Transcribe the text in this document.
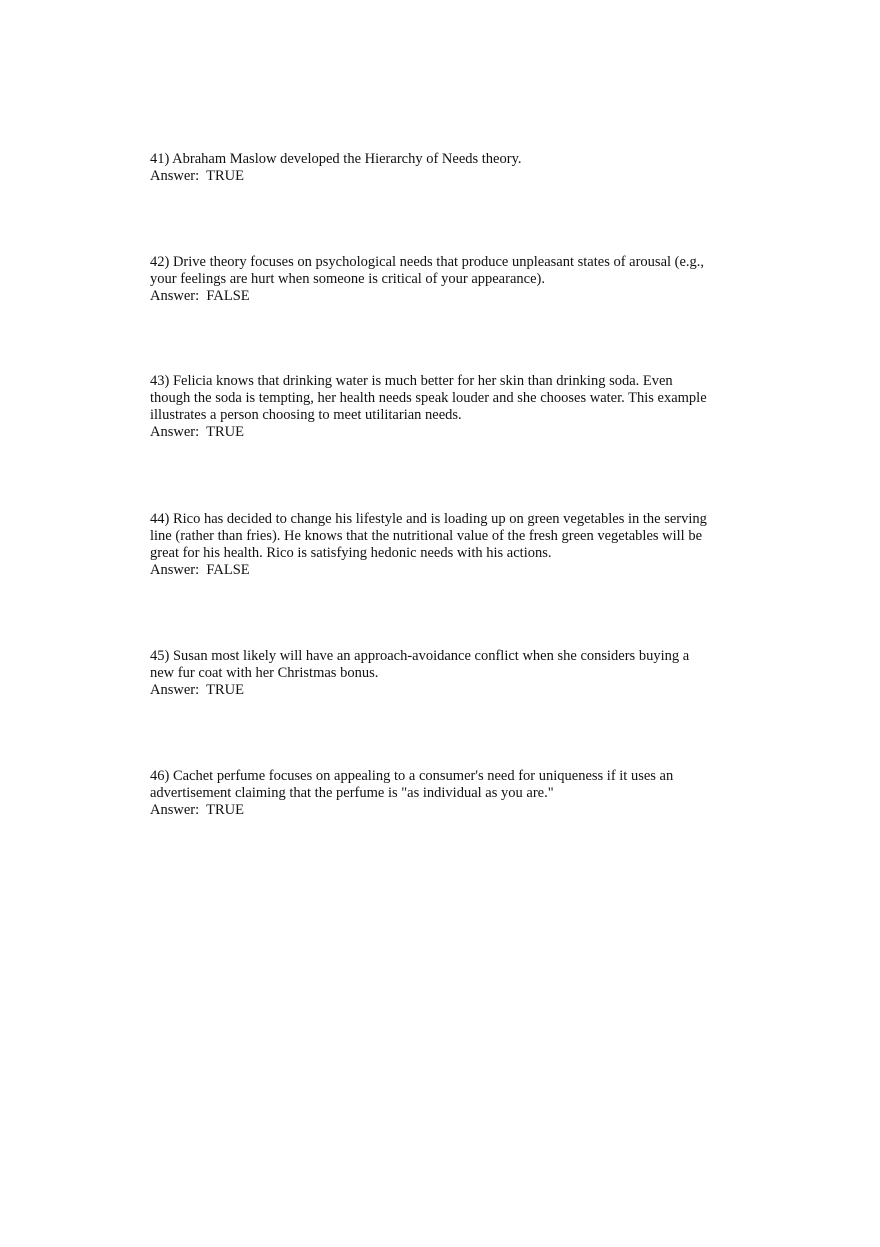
41) Abraham Maslow developed the Hierarchy of Needs theory.
Answer:  TRUE
42) Drive theory focuses on psychological needs that produce unpleasant states of arousal (e.g.,
your feelings are hurt when someone is critical of your appearance).
Answer:  FALSE
43) Felicia knows that drinking water is much better for her skin than drinking soda. Even
though the soda is tempting, her health needs speak louder and she chooses water. This example
illustrates a person choosing to meet utilitarian needs.
Answer:  TRUE
44) Rico has decided to change his lifestyle and is loading up on green vegetables in the serving
line (rather than fries). He knows that the nutritional value of the fresh green vegetables will be
great for his health. Rico is satisfying hedonic needs with his actions.
Answer:  FALSE
45) Susan most likely will have an approach-avoidance conflict when she considers buying a
new fur coat with her Christmas bonus.
Answer:  TRUE
46) Cachet perfume focuses on appealing to a consumer's need for uniqueness if it uses an
advertisement claiming that the perfume is "as individual as you are."
Answer:  TRUE
